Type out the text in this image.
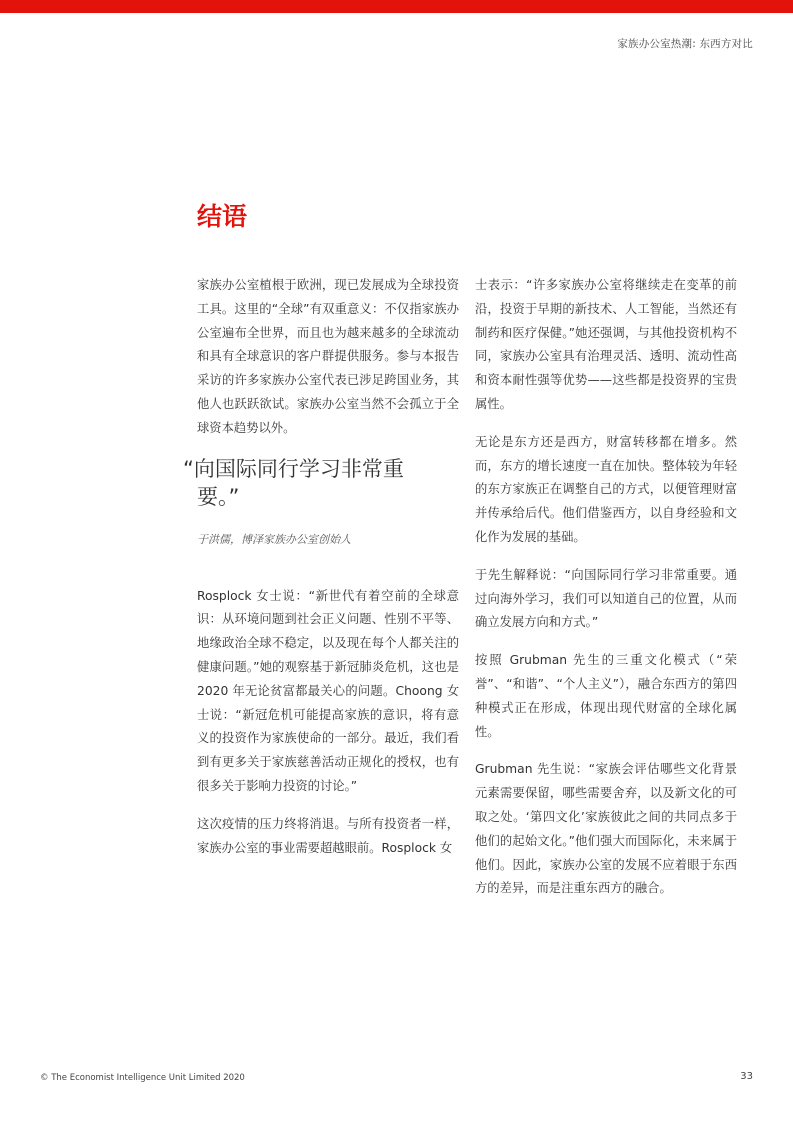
家族办公室热潮: 东西方对比
结语

家族办公室植根于欧洲，现已发展成为全球投资工具。这里的“全球”有双重意义：不仅指家族办公室遍布全世界，而且也为越来越多的全球流动和具有全球意识的客户群提供服务。参与本报告采访的许多家族办公室代表已涉足跨国业务，其他人也跃跃欲试。家族办公室当然不会孤立于全球资本趋势以外。

“向国际同行学习非常重要。”

于洪儒，博泽家族办公室创始人

Rosplock 女士说：“新世代有着空前的全球意识：从环境问题到社会正义问题、性别不平等、地缘政治全球不稳定，以及现在每个人都关注的健康问题。”她的观察基于新冠肺炎危机，这也是 2020 年无论贫富都最关心的问题。Choong 女士说：“新冠危机可能提高家族的意识，将有意义的投资作为家族使命的一部分。最近，我们看到有更多关于家族慈善活动正规化的授权，也有很多关于影响力投资的讨论。”

这次疫情的压力终将消退。与所有投资者一样，家族办公室的事业需要超越眼前。Rosplock 女

士表示：“许多家族办公室将继续走在变革的前沿，投资于早期的新技术、人工智能，当然还有制药和医疗保健。”她还强调，与其他投资机构不同，家族办公室具有治理灵活、透明、流动性高和资本耐性强等优势——这些都是投资界的宝贵属性。

无论是东方还是西方，财富转移都在增多。然而，东方的增长速度一直在加快。整体较为年轻的东方家族正在调整自己的方式，以便管理财富并传承给后代。他们借鉴西方，以自身经验和文化作为发展的基础。

于先生解释说：“向国际同行学习非常重要。通过向海外学习，我们可以知道自己的位置，从而确立发展方向和方式。”

按照 Grubman 先生的三重文化模式（“荣誉”、“和谐”、“个人主义”），融合东西方的第四种模式正在形成，体现出现代财富的全球化属性。

Grubman 先生说：“家族会评估哪些文化背景元素需要保留，哪些需要舍弃，以及新文化的可取之处。‘第四文化’家族彼此之间的共同点多于他们的起始文化。”他们强大而国际化，未来属于他们。因此，家族办公室的发展不应着眼于东西方的差异，而是注重东西方的融合。

© The Economist Intelligence Unit Limited 2020	33
